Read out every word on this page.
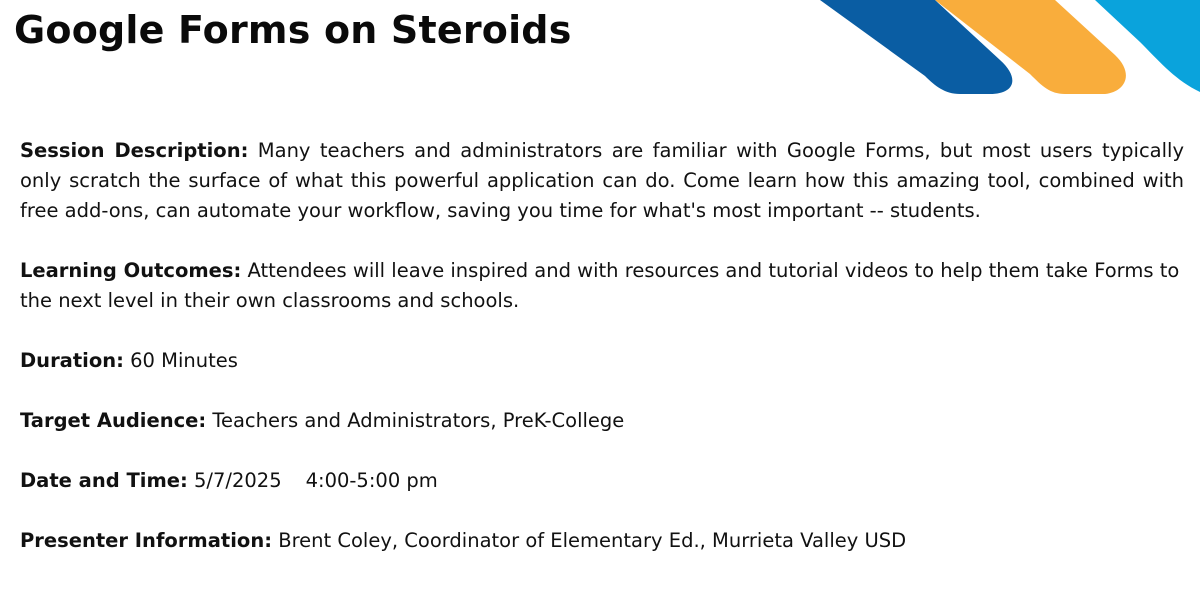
Google Forms on Steroids

Session Description: Many teachers and administrators are familiar with Google Forms, but most users typically only scratch the surface of what this powerful application can do. Come learn how this amazing tool, combined with free add-ons, can automate your workflow, saving you time for what's most important -- students.

Learning Outcomes: Attendees will leave inspired and with resources and tutorial videos to help them take Forms to the next level in their own classrooms and schools.

Duration: 60 Minutes

Target Audience: Teachers and Administrators, PreK-College

Date and Time: 5/7/2025 4:00-5:00 pm

Presenter Information: Brent Coley, Coordinator of Elementary Ed., Murrieta Valley USD
